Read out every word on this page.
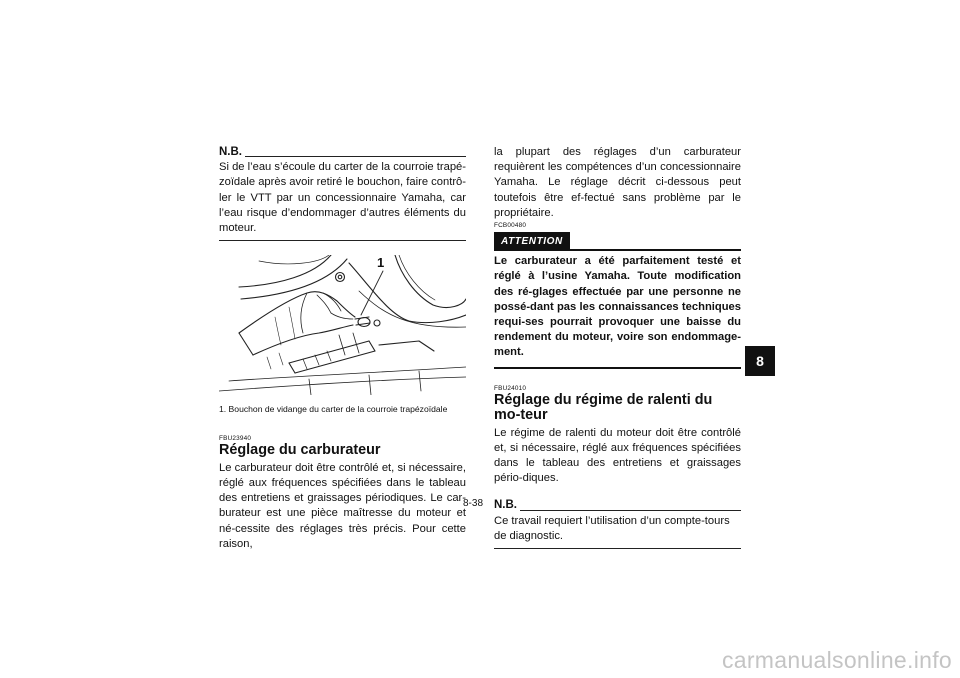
N.B.

Si de l’eau s’écoule du carter de la courroie trapé-zoïdale après avoir retiré le bouchon, faire contrô-ler le VTT par un concessionnaire Yamaha, car l’eau risque d’endommager d’autres éléments du moteur.

1
1. Bouchon de vidange du carter de la courroie trapézoïdale
FBU23940
Réglage du carburateur

Le carburateur doit être contrôlé et, si nécessaire, réglé aux fréquences spécifiées dans le tableau des entretiens et graissages périodiques. Le car-burateur est une pièce maîtresse du moteur et né-cessite des réglages très précis. Pour cette raison,

la plupart des réglages d’un carburateur requièrent les compétences d’un concessionnaire Yamaha. Le réglage décrit ci-dessous peut toutefois être ef-fectué sans problème par le propriétaire.

FCB00480
ATTENTION

Le carburateur a été parfaitement testé et réglé à l’usine Yamaha. Toute modification des ré-glages effectuée par une personne ne possé-dant pas les connaissances techniques requi-ses pourrait provoquer une baisse du rendement du moteur, voire son endommage-ment.

FBU24010
Réglage du régime de ralenti du mo-teur

Le régime de ralenti du moteur doit être contrôlé et, si nécessaire, réglé aux fréquences spécifiées dans le tableau des entretiens et graissages pério-diques.

N.B.

Ce travail requiert l’utilisation d’un compte-tours de diagnostic.

8-38
8
carmanualsonline.info
